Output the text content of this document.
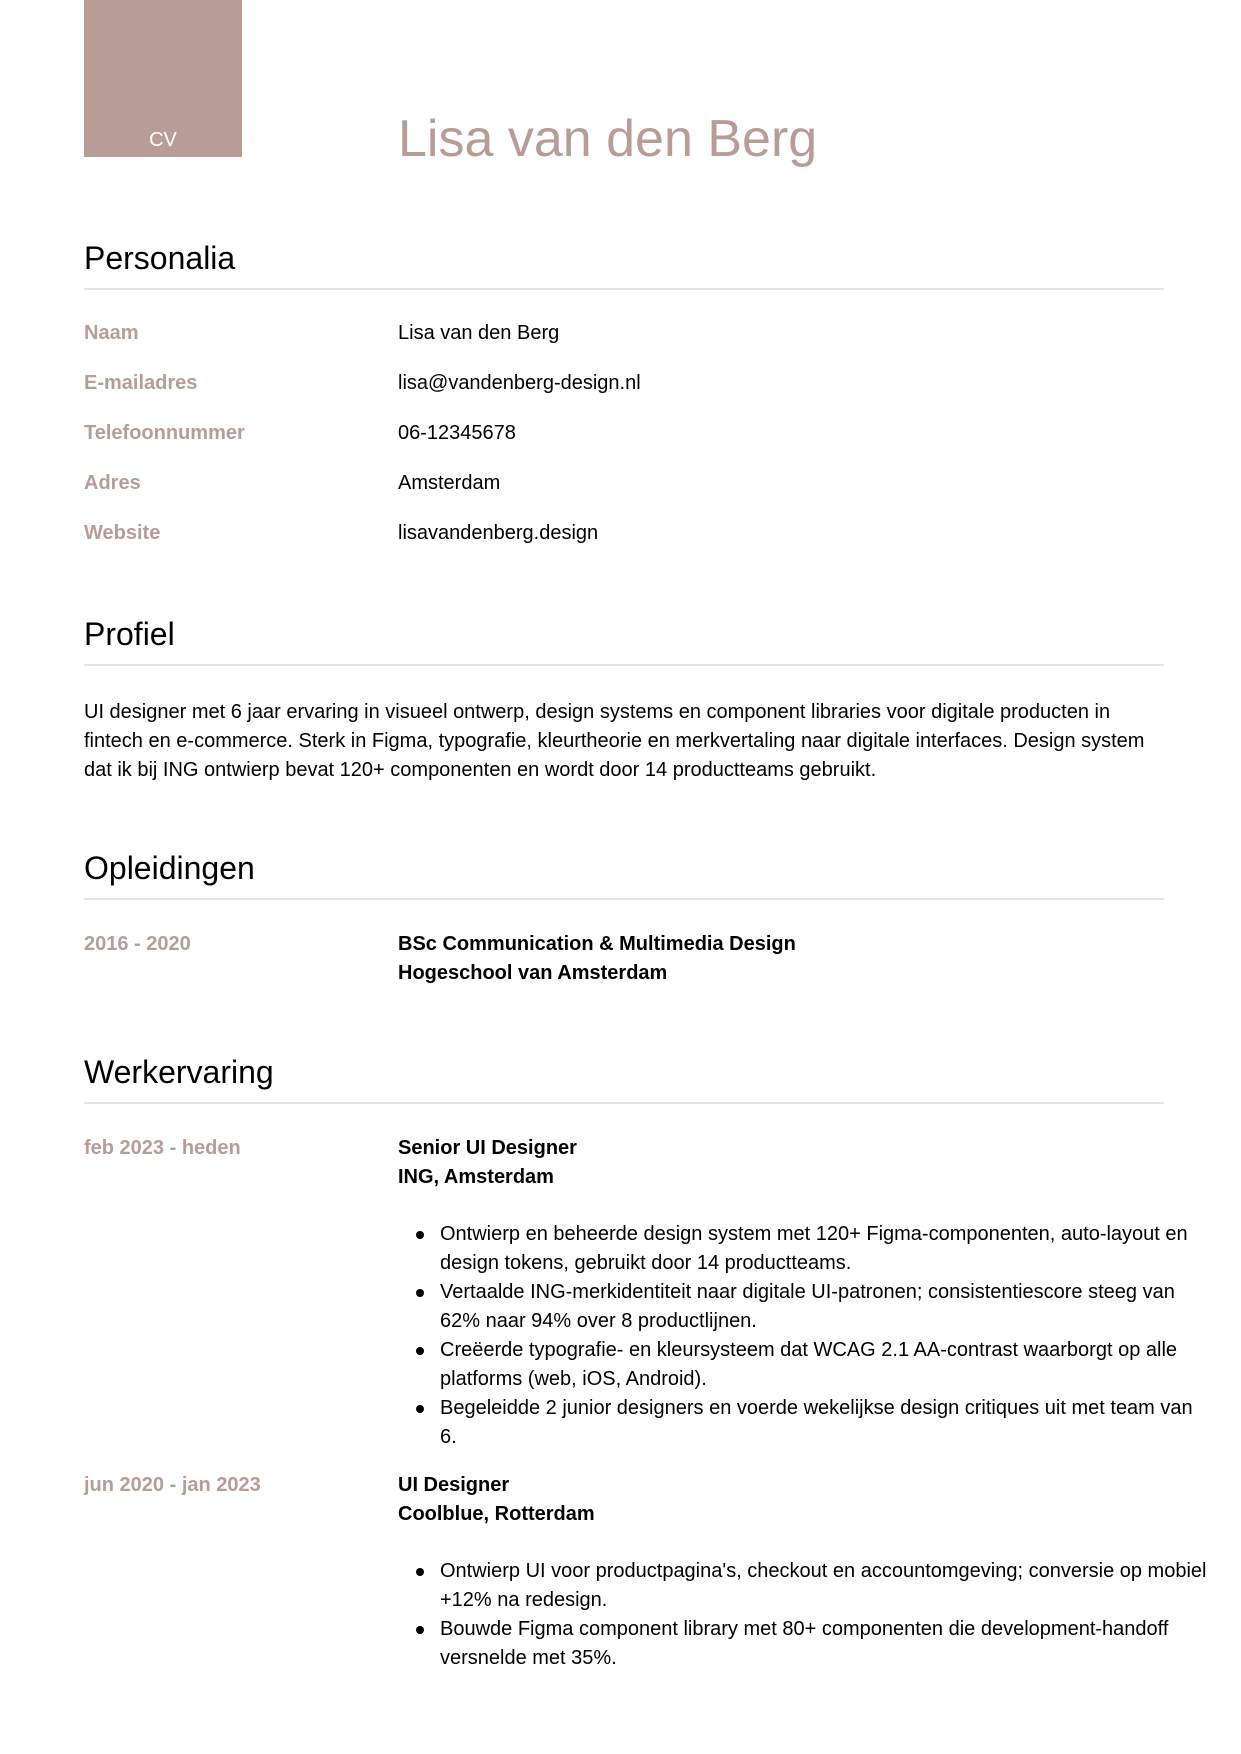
CV	Lisa van den Berg
Personalia
Naam	Lisa van den Berg
E-mailadres	lisa@vandenberg-design.nl
Telefoonnummer	06-12345678
Adres	Amsterdam
Website	lisavandenberg.design
Profiel

UI designer met 6 jaar ervaring in visueel ontwerp, design systems en component libraries voor digitale producten in fintech en e-commerce. Sterk in Figma, typografie, kleurtheorie en merkvertaling naar digitale interfaces. Design system dat ik bij ING ontwierp bevat 120+ componenten en wordt door 14 productteams gebruikt.

Opleidingen
2016 - 2020	BSc Communication & Multimedia Design
Hogeschool van Amsterdam
Werkervaring
feb 2023 - heden	Senior UI Designer
ING, Amsterdam
Ontwierp en beheerde design system met 120+ Figma-componenten, auto-layout en design tokens, gebruikt door 14 productteams.
Vertaalde ING-merkidentiteit naar digitale UI-patronen; consistentiescore steeg van 62% naar 94% over 8 productlijnen.
Creëerde typografie- en kleursysteem dat WCAG 2.1 AA-contrast waarborgt op alle platforms (web, iOS, Android).
Begeleidde 2 junior designers en voerde wekelijkse design critiques uit met team van 6.
jun 2020 - jan 2023	UI Designer
Coolblue, Rotterdam
Ontwierp UI voor productpagina's, checkout en accountomgeving; conversie op mobiel +12% na redesign.
Bouwde Figma component library met 80+ componenten die development-handoff versnelde met 35%.
